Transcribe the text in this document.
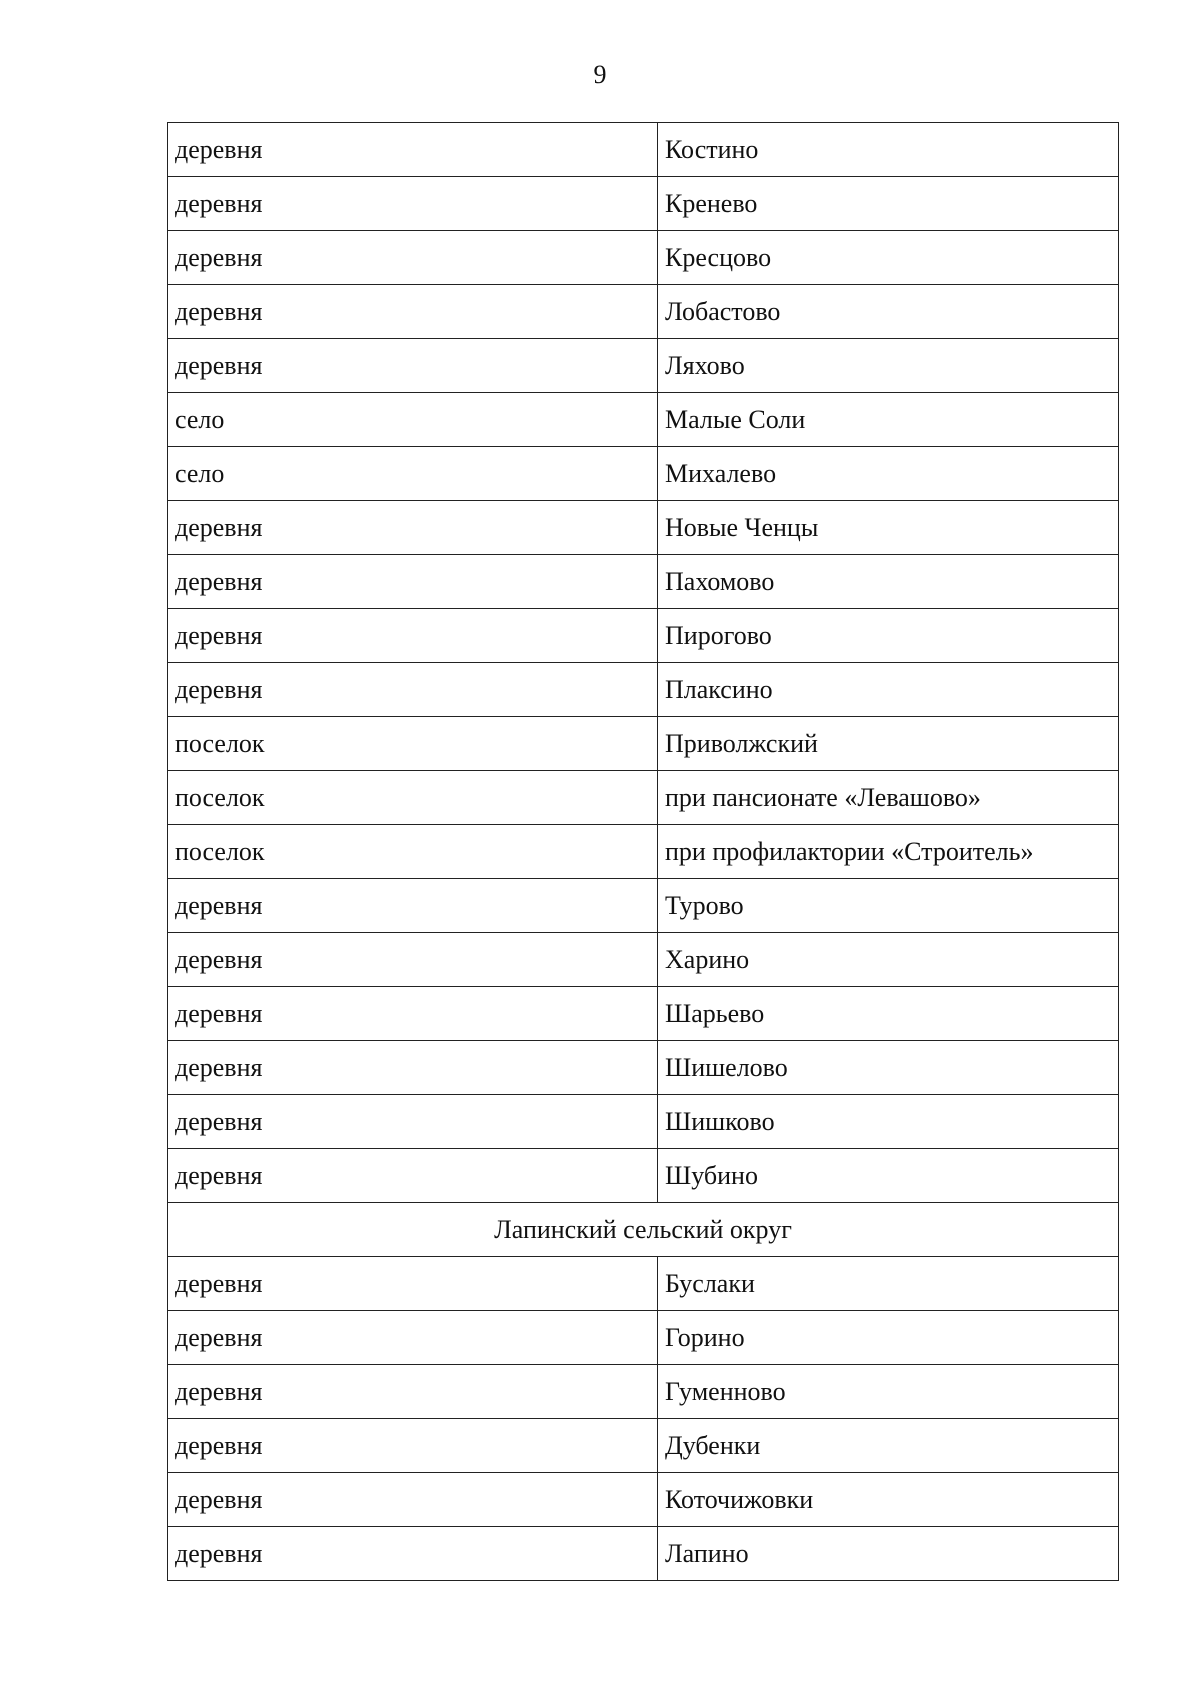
9
деревня	Костино
деревня	Кренево
деревня	Кресцово
деревня	Лобастово
деревня	Ляхово
село	Малые Соли
село	Михалево
деревня	Новые Ченцы
деревня	Пахомово
деревня	Пирогово
деревня	Плаксино
поселок	Приволжский
поселок	при пансионате «Левашово»
поселок	при профилактории «Строитель»
деревня	Турово
деревня	Харино
деревня	Шарьево
деревня	Шишелово
деревня	Шишково
деревня	Шубино
Лапинский сельский округ	
деревня	Буслаки
деревня	Горино
деревня	Гуменново
деревня	Дубенки
деревня	Коточижовки
деревня	Лапино
